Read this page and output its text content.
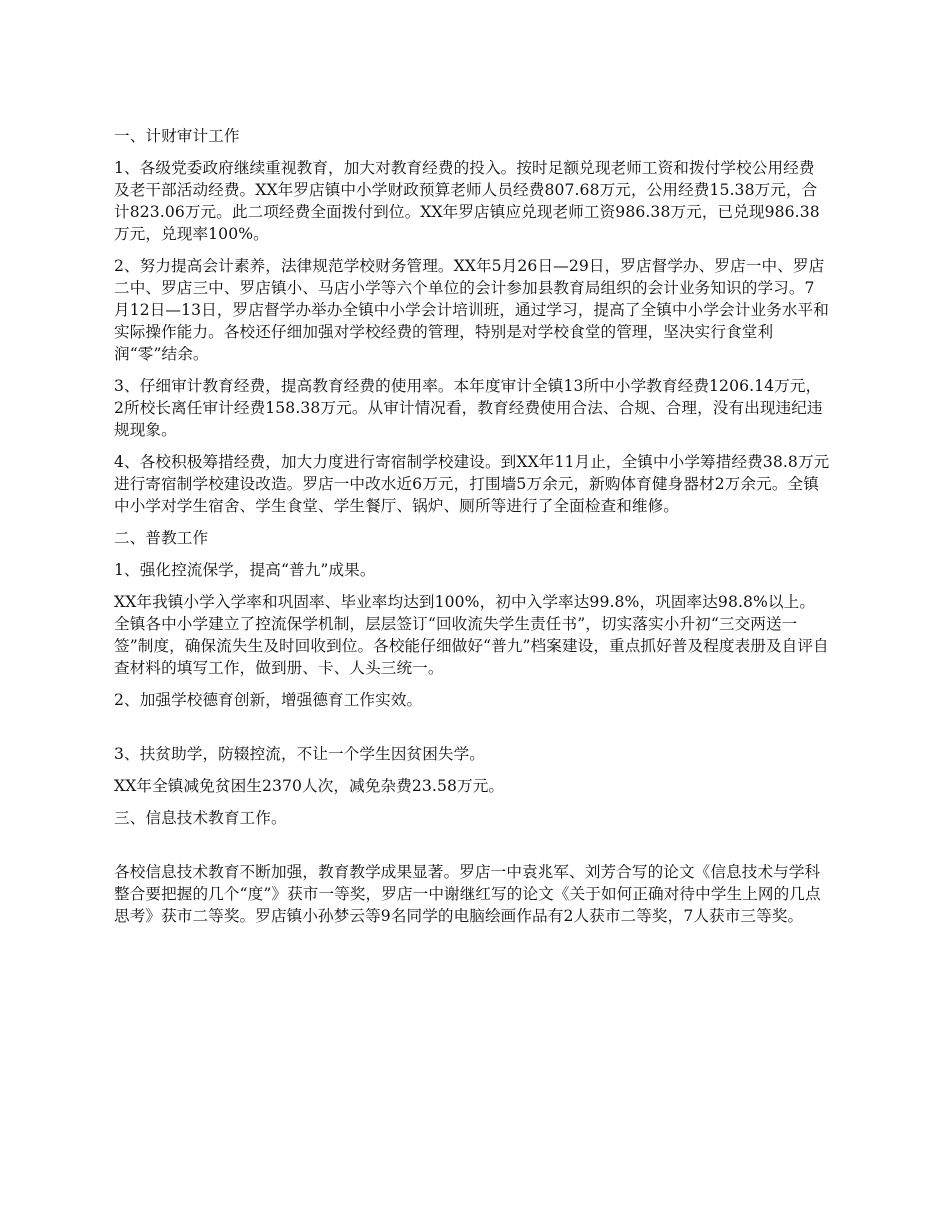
一、计财审计工作

1、各级党委政府继续重视教育，加大对教育经费的投入。按时足额兑现老师工资和拨付学校公用经费及老干部活动经费。XX年罗店镇中小学财政预算老师人员经费807.68万元，公用经费15.38万元，合计823.06万元。此二项经费全面拨付到位。XX年罗店镇应兑现老师工资986.38万元，已兑现986.38万元，兑现率100%。

2、努力提高会计素养，法律规范学校财务管理。XX年5月26日—29日，罗店督学办、罗店一中、罗店二中、罗店三中、罗店镇小、马店小学等六个单位的会计参加县教育局组织的会计业务知识的学习。7月12日—13日，罗店督学办举办全镇中小学会计培训班，通过学习，提高了全镇中小学会计业务水平和实际操作能力。各校还仔细加强对学校经费的管理，特别是对学校食堂的管理，坚决实行食堂利润“零”结余。

3、仔细审计教育经费，提高教育经费的使用率。本年度审计全镇13所中小学教育经费1206.14万元，2所校长离任审计经费158.38万元。从审计情况看，教育经费使用合法、合规、合理，没有出现违纪违规现象。

4、各校积极筹措经费，加大力度进行寄宿制学校建设。到XX年11月止，全镇中小学筹措经费38.8万元进行寄宿制学校建设改造。罗店一中改水近6万元，打围墙5万余元，新购体育健身器材2万余元。全镇中小学对学生宿舍、学生食堂、学生餐厅、锅炉、厕所等进行了全面检查和维修。

二、普教工作

1、强化控流保学，提高“普九”成果。

XX年我镇小学入学率和巩固率、毕业率均达到100%，初中入学率达99.8%，巩固率达98.8%以上。全镇各中小学建立了控流保学机制，层层签订“回收流失学生责任书”，切实落实小升初“三交两送一签”制度，确保流失生及时回收到位。各校能仔细做好“普九”档案建设，重点抓好普及程度表册及自评自查材料的填写工作，做到册、卡、人头三统一。

2、加强学校德育创新，增强德育工作实效。

3、扶贫助学，防辍控流，不让一个学生因贫困失学。

XX年全镇减免贫困生2370人次，减免杂费23.58万元。

三、信息技术教育工作。

各校信息技术教育不断加强，教育教学成果显著。罗店一中袁兆军、刘芳合写的论文《信息技术与学科整合要把握的几个“度”》获市一等奖，罗店一中谢继红写的论文《关于如何正确对待中学生上网的几点思考》获市二等奖。罗店镇小孙梦云等9名同学的电脑绘画作品有2人获市二等奖，7人获市三等奖。
